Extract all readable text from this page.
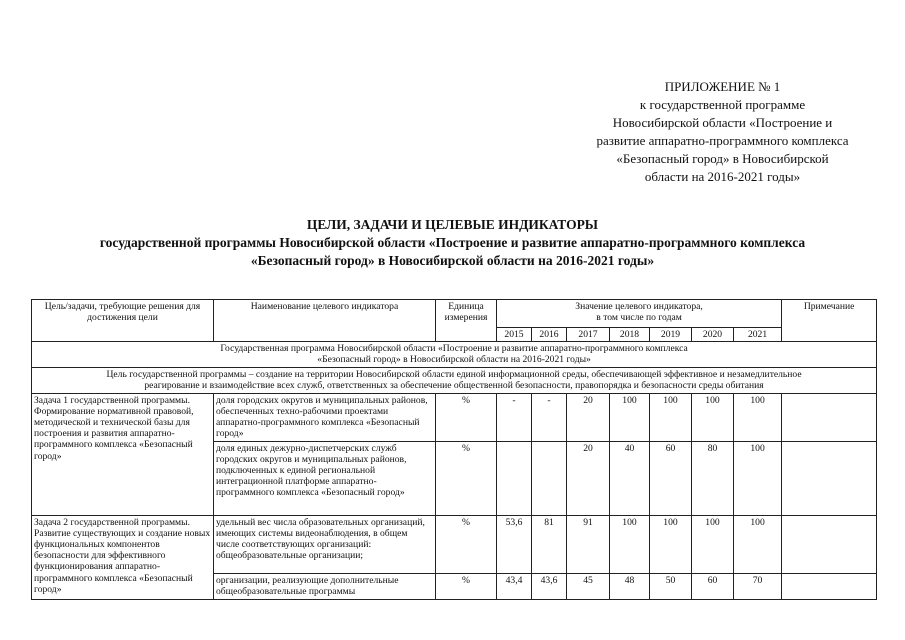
ПРИЛОЖЕНИЕ № 1
к государственной программе
Новосибирской области «Построение и
развитие аппаратно-программного комплекса
«Безопасный город» в Новосибирской
области на 2016-2021 годы»
ЦЕЛИ, ЗАДАЧИ И ЦЕЛЕВЫЕ ИНДИКАТОРЫ
государственной программы Новосибирской области «Построение и развитие аппаратно-программного комплекса
«Безопасный город» в Новосибирской области на 2016-2021 годы»
Цель/задачи, требующие решения для достижения цели	Наименование целевого индикатора	Единица измерения	Значение целевого индикатора,
в том числе по годам							Примечание
			2015	2016	2017	2018	2019	2020	2021	

Государственная программа Новосибирской области «Построение и развитие аппаратно-программного комплекса
«Безопасный город» в Новосибирской области на 2016-2021 годы»										

Цель государственной программы – создание на территории Новосибирской области единой информационной среды, обеспечивающей эффективное и незамедлительное
реагирование и взаимодействие всех служб, ответственных за обеспечение общественной безопасности, правопорядка и безопасности среды обитания										

Задача 1 государственной программы. Формирование нормативной правовой, методической и технической базы для построения и развития аппаратно-программного комплекса «Безопасный город»	доля городских округов и муниципальных районов, обеспеченных техно-рабочими проектами аппаратно-программного комплекса «Безопасный город»	%	-	-	20	100	100	100	100	
	доля единых дежурно-диспетчерских служб городских округов и муниципальных районов, подключенных к единой региональной интеграционной платформе аппаратно-программного комплекса «Безопасный город»	%			20	40	60	80	100	
Задача 2 государственной программы. Развитие существующих и создание новых функциональных компонентов безопасности для эффективного функционирования аппаратно-программного комплекса «Безопасный город»	удельный вес числа образовательных организаций, имеющих системы видеонаблюдения, в общем числе соответствующих организаций: общеобразовательные организации;	%	53,6	81	91	100	100	100	100	
	организации, реализующие дополнительные общеобразовательные программы	%	43,4	43,6	45	48	50	60	70	
